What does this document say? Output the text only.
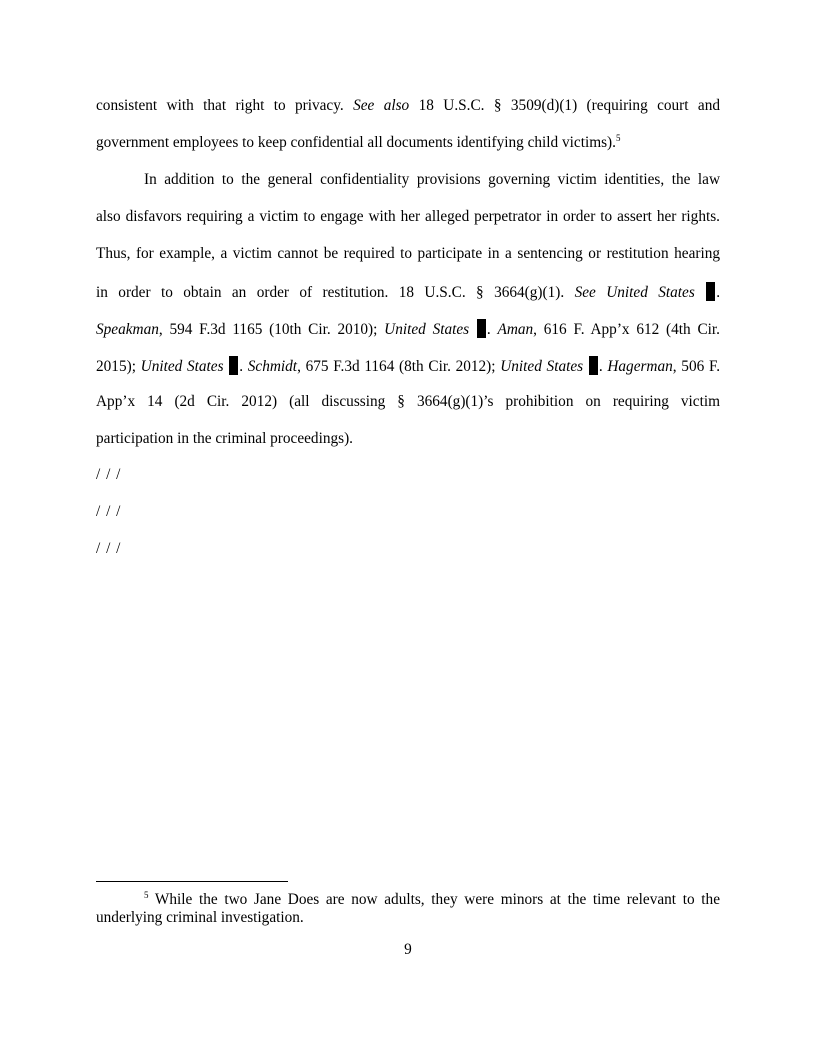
consistent with that right to privacy. See also 18 U.S.C. § 3509(d)(1) (requiring court and
government employees to keep confidential all documents identifying child victims).$^5$
In addition to the general confidentiality provisions governing victim identities, the law
also disfavors requiring a victim to engage with her alleged perpetrator in order to assert her rights.
Thus, for example, a victim cannot be required to participate in a sentencing or restitution hearing
in order to obtain an order of restitution. 18 U.S.C. § 3664(g)(1). See United States .
Speakman, 594 F.3d 1165 (10th Cir. 2010); United States . Aman, 616 F. App’x 612 (4th Cir.
2015); United States . Schmidt, 675 F.3d 1164 (8th Cir. 2012); United States . Hagerman, 506 F.
App’x 14 (2d Cir. 2012) (all discussing § 3664(g)(1)’s prohibition on requiring victim
participation in the criminal proceedings).
/ / /
/ / /
/ / /
$^5$ While the two Jane Does are now adults, they were minors at the time relevant to the
underlying criminal investigation.
9
